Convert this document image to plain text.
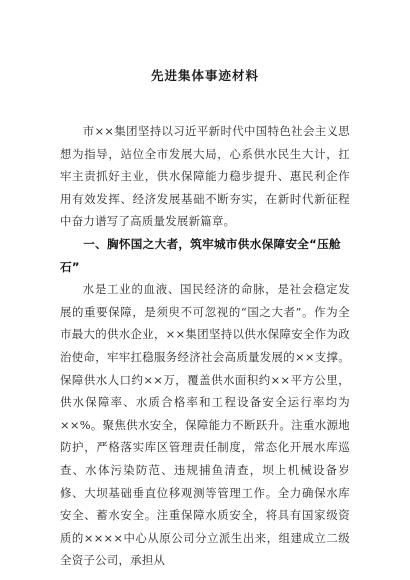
先进集体事迹材料

市××集团坚持以习近平新时代中国特色社会主义思想为指导，站位全市发展大局，心系供水民生大计，扛牢主责抓好主业，供水保障能力稳步提升、惠民利企作用有效发挥、经济发展基础不断夯实，在新时代新征程中奋力谱写了高质量发展新篇章。

一、胸怀国之大者，筑牢城市供水保障安全“压舱石”

水是工业的血液、国民经济的命脉，是社会稳定发展的重要保障，是须臾不可忽视的“国之大者”。作为全市最大的供水企业，××集团坚持以供水保障安全作为政治使命，牢牢扛稳服务经济社会高质量发展的××支撑。保障供水人口约××万，覆盖供水面积约××平方公里，供水保障率、水质合格率和工程设备安全运行率均为××%。聚焦供水安全，保障能力不断跃升。注重水源地防护，严格落实库区管理责任制度，常态化开展水库巡查、水体污染防范、违规捕鱼清查，坝上机械设备岁修、大坝基础垂直位移观测等管理工作。全力确保水库安全、蓄水安全。注重保障水质安全，将具有国家级资质的××××中心从原公司分立派生出来，组建成立二级全资子公司，承担从
